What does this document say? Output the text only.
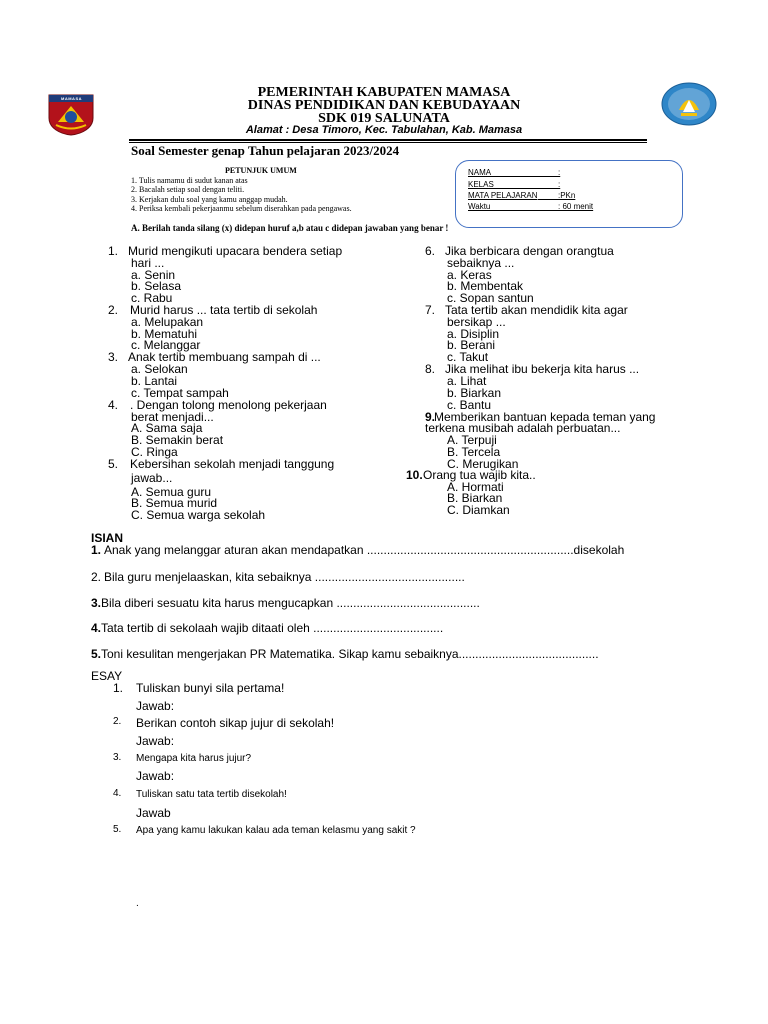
MAMASA	PEMERINTAH KABUPATEN MAMASA
DINAS PENDIDIKAN DAN KEBUDAYAAN
SDK 019 SALUNATA
Alamat : Desa Timoro, Kec. Tabulahan, Kab. Mamasa
Soal Semester genap Tahun pelajaran 2023/2024
PETUNJUK UMUM
1. Tulis namamu di sudut kanan atas
2. Bacalah setiap soal dengan teliti.
3. Kerjakan dulu soal yang kamu anggap mudah.
4. Periksa kembali pekerjaanmu sebelum diserahkan pada pengawas.
NAMA	:
KELAS	:
MATA PELAJARAN	:PKn
Waktu	: 60 menit
A. Berilah tanda silang (x) didepan huruf a,b atau c didepan jawaban yang benar !
1. Murid mengikuti upacara bendera setiap
hari ...
a. Senin
b. Selasa
c. Rabu
2. Murid harus ... tata tertib di sekolah
a. Melupakan
b. Mematuhi
c. Melanggar
3. Anak tertib membuang sampah di ...
a. Selokan
b. Lantai
c. Tempat sampah
4. . Dengan tolong menolong pekerjaan
berat menjadi...
A. Sama saja
B. Semakin berat
C. Ringa
5. Kebersihan sekolah menjadi tanggung
jawab...
A. Semua guru
B. Semua murid
C. Semua warga sekolah
6. Jika berbicara dengan orangtua
sebaiknya ...
a. Keras
b. Membentak
c. Sopan santun
7. Tata tertib akan mendidik kita agar
bersikap ...
a. Disiplin
b. Berani
c. Takut
8. Jika melihat ibu bekerja kita harus ...
a. Lihat
b. Biarkan
c. Bantu
9.
Memberikan bantuan kepada teman yang
terkena musibah adalah perbuatan...
A. Terpuji
B. Tercela
C. Merugikan
10. Orang tua wajib kita..
A. Hormati
B. Biarkan
C. Diamkan
ISIAN
1. Anak yang melanggar aturan akan mendapatkan ..............................................................disekolah
2. Bila guru menjelaaskan, kita sebaiknya .............................................
3. Bila diberi sesuatu kita harus mengucapkan ...........................................
4. Tata tertib di sekolaah wajib ditaati oleh .......................................
5. Toni kesulitan mengerjakan PR Matematika. Sikap kamu sebaiknya..........................................
ESAY
1. Tuliskan bunyi sila pertama!
Jawab:
2. Berikan contoh sikap jujur di sekolah!
Jawab:
3. Mengapa kita harus jujur?
Jawab:
4. Tuliskan satu tata tertib disekolah!
Jawab
5. Apa yang kamu lakukan kalau ada teman kelasmu yang sakit ?
.
